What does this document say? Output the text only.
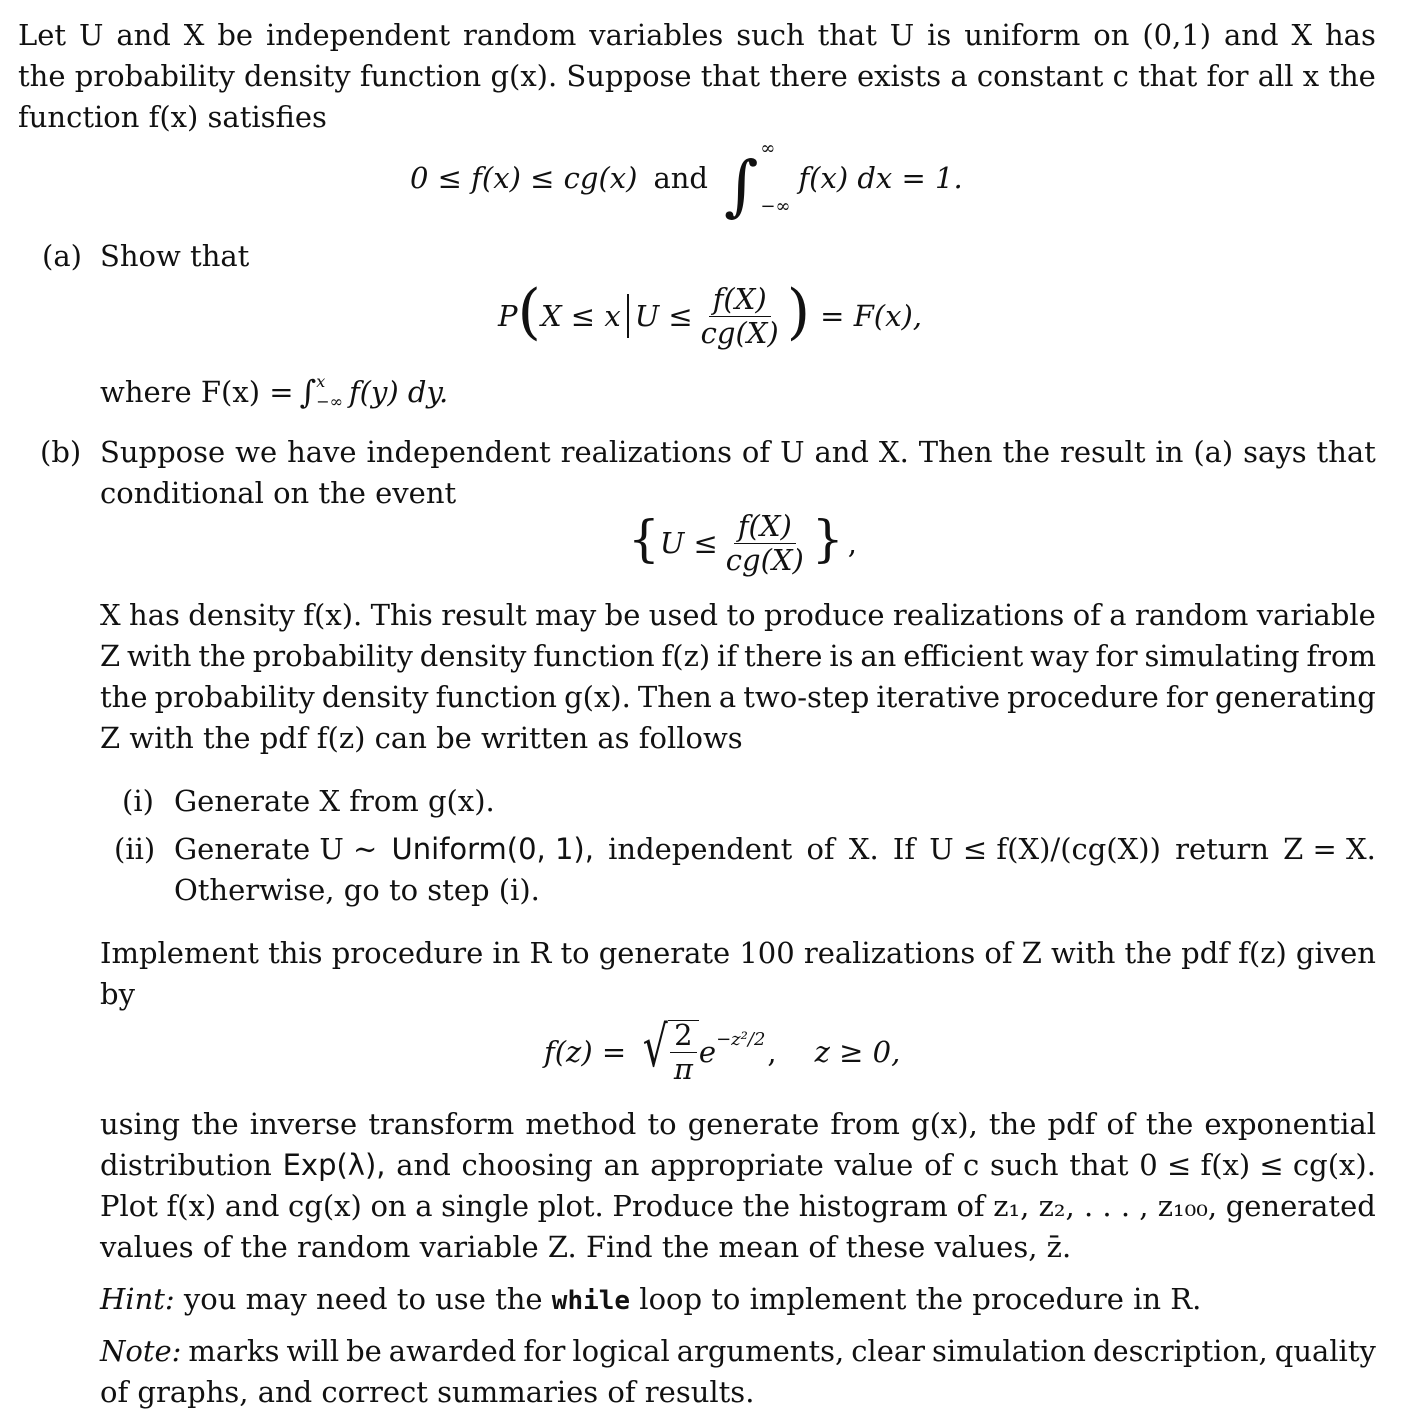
Let U and X be independent random variables such that U is uniform on (0,1) and X has
the probability density function g(x). Suppose that there exists a constant c that for all x the
function f(x) satisfies
0 ≤ f(x) ≤ cg(x) and ∫ ∞
−∞
f(x) dx = 1.
(a) Show that
P ( X ≤ x $U \le \frac{f(X)}{cg(X)}$ ) = F(x),
where F(x) = ∫ x
−∞ f(y) dy.
(b) Suppose we have independent realizations of U and X. Then the result in (a) says that
conditional on the event
{ $U \le \frac{f(X)}{cg(X)}$ } ,
X has density f(x). This result may be used to produce realizations of a random variable
Z with the probability density function f(z) if there is an efficient way for simulating from
the probability density function g(x). Then a two-step iterative procedure for generating
Z with the pdf f(z) can be written as follows
(i) Generate X from g(x).
(ii) Generate U ∼ Uniform(0, 1), independent of X. If U ≤ f(X)/(cg(X)) return Z = X.
Otherwise, go to step (i).
Implement this procedure in R to generate 100 realizations of Z with the pdf f(z) given
by
f(z) = √ $\frac{2}{\pi}$ e −z²/2 , z ≥ 0,
using the inverse transform method to generate from g(x), the pdf of the exponential
distribution Exp(λ), and choosing an appropriate value of c such that 0 ≤ f(x) ≤ cg(x).
Plot f(x) and cg(x) on a single plot. Produce the histogram of z₁, z₂, . . . , z₁₀₀, generated
values of the random variable Z. Find the mean of these values, z̄.
Hint: you may need to use the while loop to implement the procedure in R.
Note: marks will be awarded for logical arguments, clear simulation description, quality
of graphs, and correct summaries of results.
